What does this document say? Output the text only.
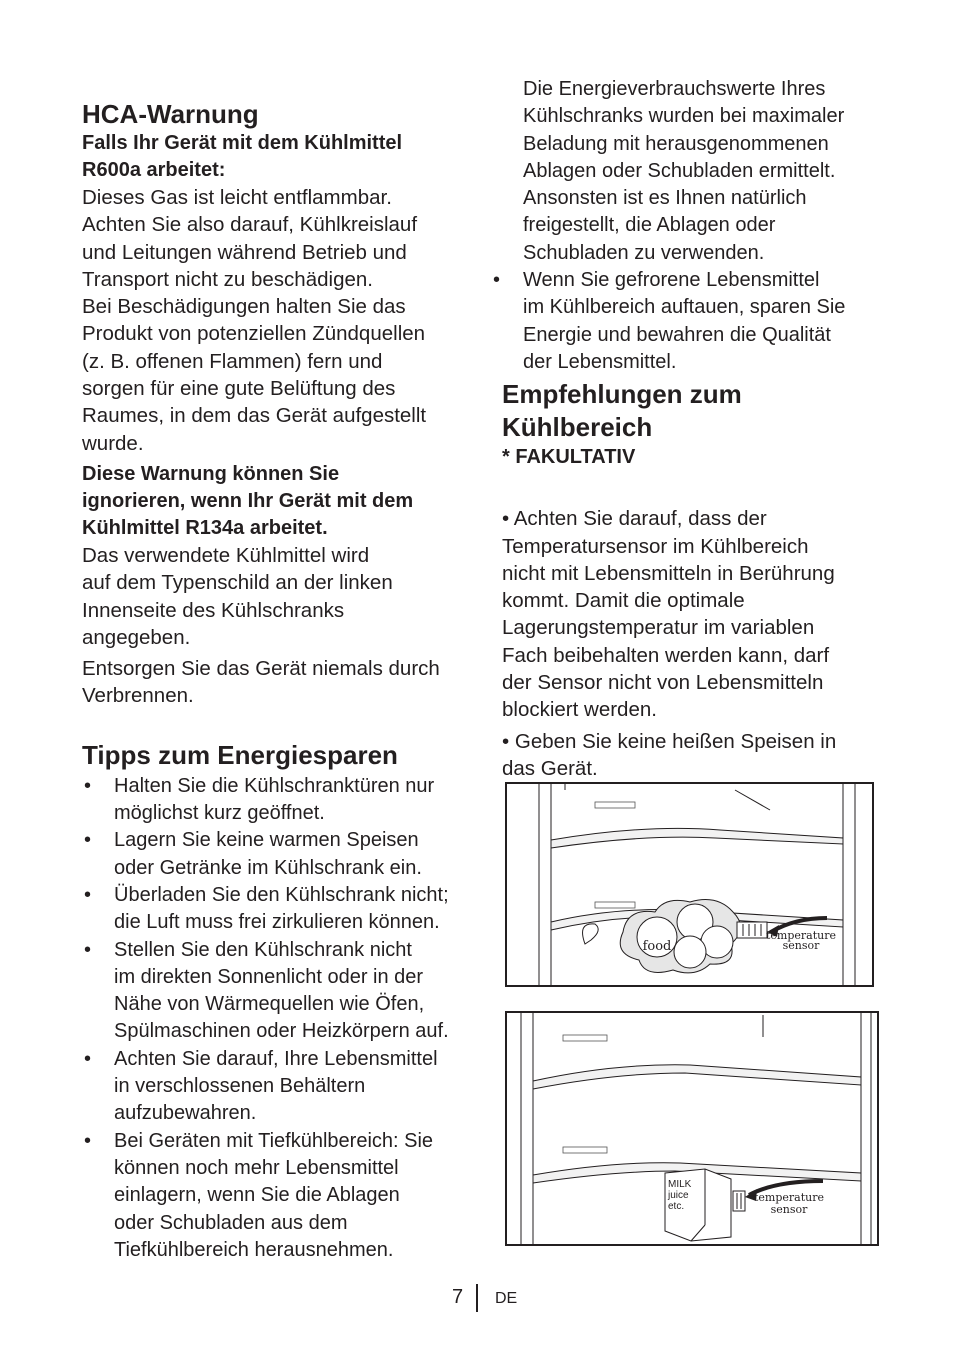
HCA-Warnung
Falls Ihr Gerät mit dem Kühlmittel
R600a arbeitet:
Dieses Gas ist leicht entflammbar.
Achten Sie also darauf, Kühlkreislauf
und Leitungen während Betrieb und
Transport nicht zu beschädigen.
Bei Beschädigungen halten Sie das
Produkt von potenziellen Zündquellen
(z. B. offenen Flammen) fern und
sorgen für eine gute Belüftung des
Raumes, in dem das Gerät aufgestellt
wurde.
Diese Warnung können Sie
ignorieren, wenn Ihr Gerät mit dem
Kühlmittel R134a arbeitet.
Das verwendete Kühlmittel wird
auf dem Typenschild an der linken
Innenseite des Kühlschranks
angegeben.
Entsorgen Sie das Gerät niemals durch
Verbrennen.
Tipps zum Energiesparen
• Halten Sie die Kühlschranktüren nur
möglichst kurz geöffnet.
• Lagern Sie keine warmen Speisen
oder Getränke im Kühlschrank ein.
• Überladen Sie den Kühlschrank nicht;
die Luft muss frei zirkulieren können.
• Stellen Sie den Kühlschrank nicht
im direkten Sonnenlicht oder in der
Nähe von Wärmequellen wie Öfen,
Spülmaschinen oder Heizkörpern auf.
• Achten Sie darauf, Ihre Lebensmittel
in verschlossenen Behältern
aufzubewahren.
• Bei Geräten mit Tiefkühlbereich: Sie
können noch mehr Lebensmittel
einlagern, wenn Sie die Ablagen
oder Schubladen aus dem
Tiefkühlbereich herausnehmen.
Die Energieverbrauchswerte Ihres
Kühlschranks wurden bei maximaler
Beladung mit herausgenommenen
Ablagen oder Schubladen ermittelt.
Ansonsten ist es Ihnen natürlich
freigestellt, die Ablagen oder
Schubladen zu verwenden.
• Wenn Sie gefrorene Lebensmittel
im Kühlbereich auftauen, sparen Sie
Energie und bewahren die Qualität
der Lebensmittel.
Empfehlungen zum
Kühlbereich
* FAKULTATIV
• Achten Sie darauf, dass der
Temperatursensor im Kühlbereich
nicht mit Lebensmitteln in Berührung
kommt. Damit die optimale
Lagerungstemperatur im variablen
Fach beibehalten werden kann, darf
der Sensor nicht von Lebensmitteln
blockiert werden.
• Geben Sie keine heißen Speisen in
das Gerät.
food
temperature
sensor
MILK
juice
etc.
temperature
sensor
7 DE
